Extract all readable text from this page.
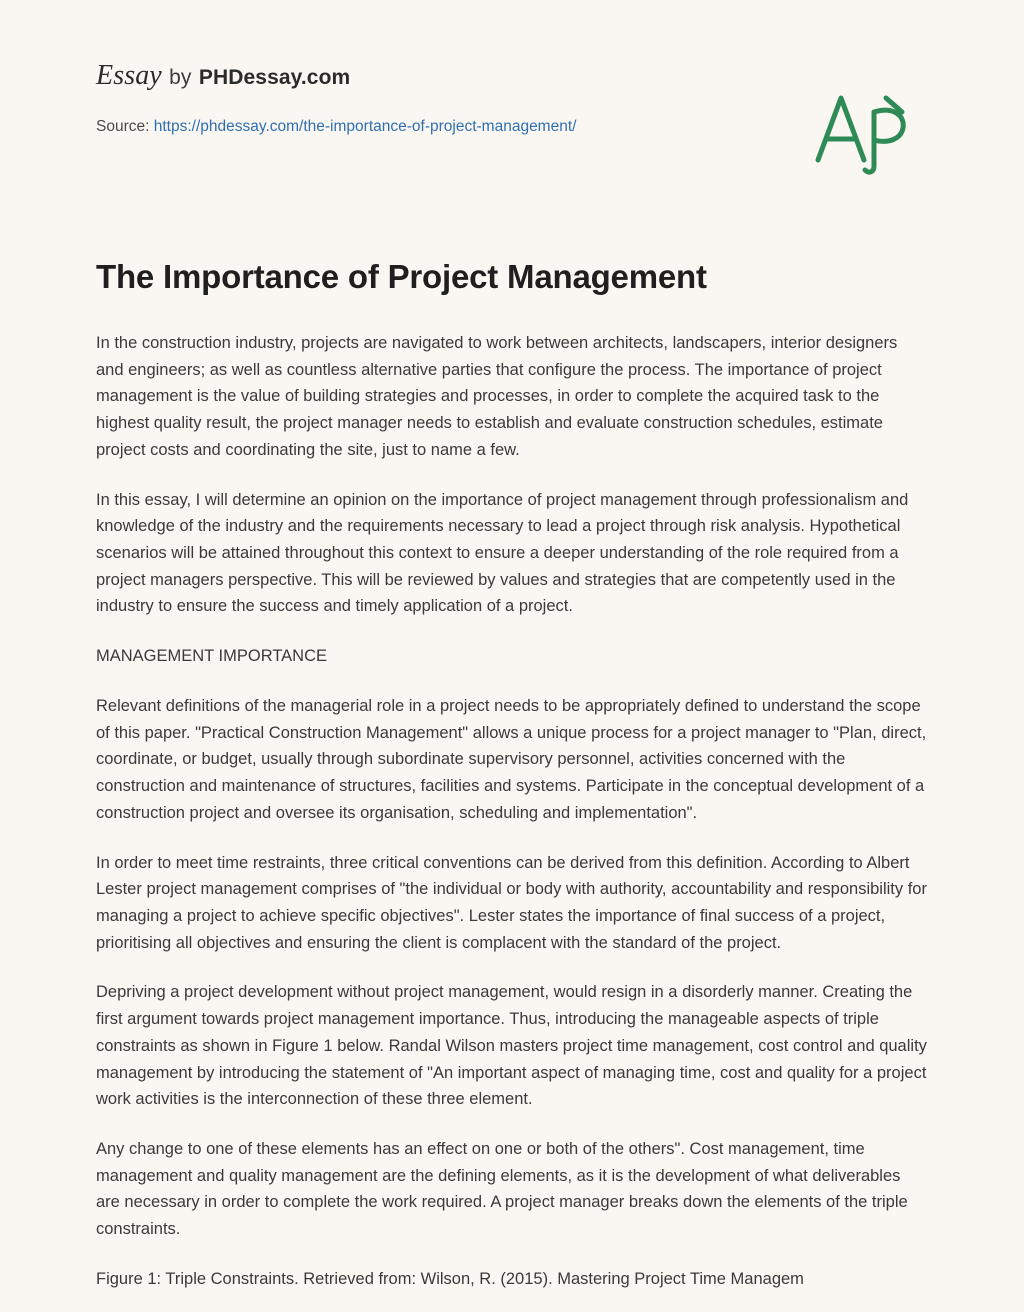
Essay by PHDessay.com
Source: https://phdessay.com/the-importance-of-project-management/
The Importance of Project Management

In the construction industry, projects are navigated to work between architects, landscapers, interior designers and engineers; as well as countless alternative parties that configure the process. The importance of project management is the value of building strategies and processes, in order to complete the acquired task to the highest quality result, the project manager needs to establish and evaluate construction schedules, estimate project costs and coordinating the site, just to name a few.

In this essay, I will determine an opinion on the importance of project management through professionalism and knowledge of the industry and the requirements necessary to lead a project through risk analysis. Hypothetical scenarios will be attained throughout this context to ensure a deeper understanding of the role required from a project managers perspective. This will be reviewed by values and strategies that are competently used in the industry to ensure the success and timely application of a project.

MANAGEMENT IMPORTANCE

Relevant definitions of the managerial role in a project needs to be appropriately defined to understand the scope of this paper. "Practical Construction Management" allows a unique process for a project manager to "Plan, direct, coordinate, or budget, usually through subordinate supervisory personnel, activities concerned with the construction and maintenance of structures, facilities and systems. Participate in the conceptual development of a construction project and oversee its organisation, scheduling and implementation".

In order to meet time restraints, three critical conventions can be derived from this definition. According to Albert Lester project management comprises of "the individual or body with authority, accountability and responsibility for managing a project to achieve specific objectives". Lester states the importance of final success of a project, prioritising all objectives and ensuring the client is complacent with the standard of the project.

Depriving a project development without project management, would resign in a disorderly manner. Creating the first argument towards project management importance. Thus, introducing the manageable aspects of triple constraints as shown in Figure 1 below. Randal Wilson masters project time management, cost control and quality management by introducing the statement of "An important aspect of managing time, cost and quality for a project work activities is the interconnection of these three element.

Any change to one of these elements has an effect on one or both of the others". Cost management, time management and quality management are the defining elements, as it is the development of what deliverables are necessary in order to complete the work required. A project manager breaks down the elements of the triple constraints.

Figure 1: Triple Constraints. Retrieved from: Wilson, R. (2015). Mastering Project Time Managem
